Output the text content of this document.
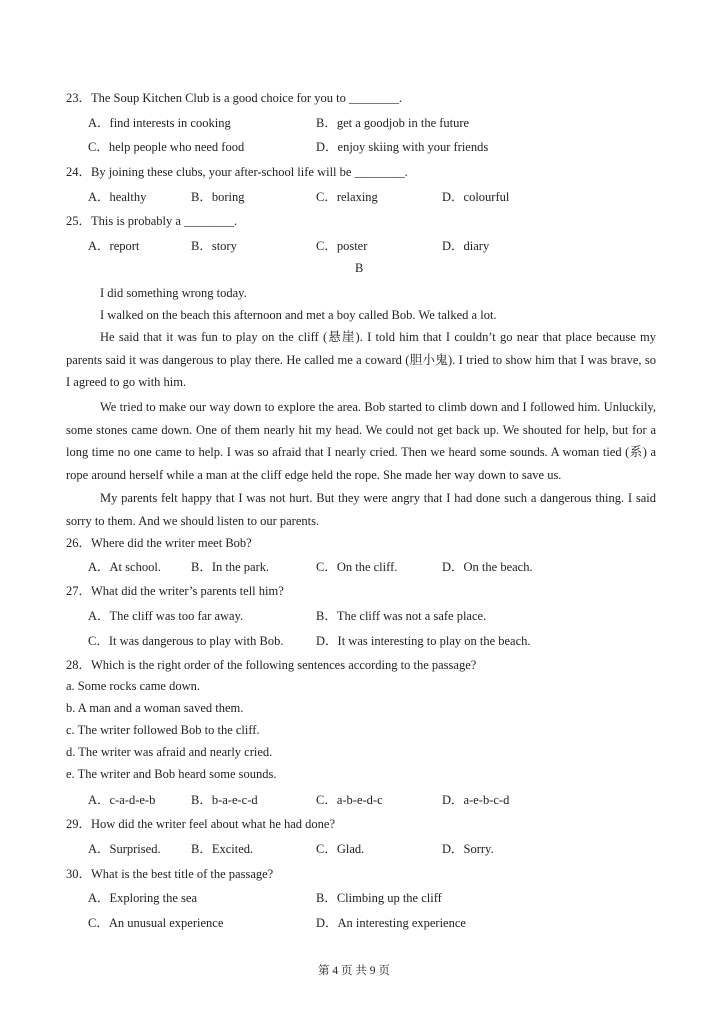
23．The Soup Kitchen Club is a good choice for you to ________.
A．find interests in cooking	B．get a goodjob in the future
C．help people who need food	D．enjoy skiing with your friends
24．By joining these clubs, your after-school life will be ________.
A．healthy	B．boring	C．relaxing	D．colourful
25．This is probably a ________.
A．report	B．story	C．poster	D．diary
B
I did something wrong today.
I walked on the beach this afternoon and met a boy called Bob. We talked a lot.
He said that it was fun to play on the cliff (悬崖). I told him that I couldn’t go near that place because my parents said it was dangerous to play there. He called me a coward (胆小鬼). I tried to show him that I was brave, so I agreed to go with him.
We tried to make our way down to explore the area. Bob started to climb down and I followed him. Unluckily, some stones came down. One of them nearly hit my head. We could not get back up. We shouted for help, but for a long time no one came to help. I was so afraid that I nearly cried. Then we heard some sounds. A woman tied (系) a rope around herself while a man at the cliff edge held the rope. She made her way down to save us.
My parents felt happy that I was not hurt. But they were angry that I had done such a dangerous thing. I said sorry to them. And we should listen to our parents.
26．Where did the writer meet Bob?
A．At school. B．In the park.	C．On the cliff.	D．On the beach.
27．What did the writer’s parents tell him?
A．The cliff was too far away.	B．The cliff was not a safe place.
C．It was dangerous to play with Bob.	D．It was interesting to play on the beach.
28．Which is the right order of the following sentences according to the passage?
a. Some rocks came down.
b. A man and a woman saved them.
c. The writer followed Bob to the cliff.
d. The writer was afraid and nearly cried.
e. The writer and Bob heard some sounds.
A．c-a-d-e-b	B．b-a-e-c-d	C．a-b-e-d-c	D．a-e-b-c-d
29．How did the writer feel about what he had done?
A．Surprised. B．Excited.	C．Glad.	D．Sorry.
30．What is the best title of the passage?
A．Exploring the sea	B．Climbing up the cliff
C．An unusual experience	D．An interesting experience
第 4 页 共 9 页
